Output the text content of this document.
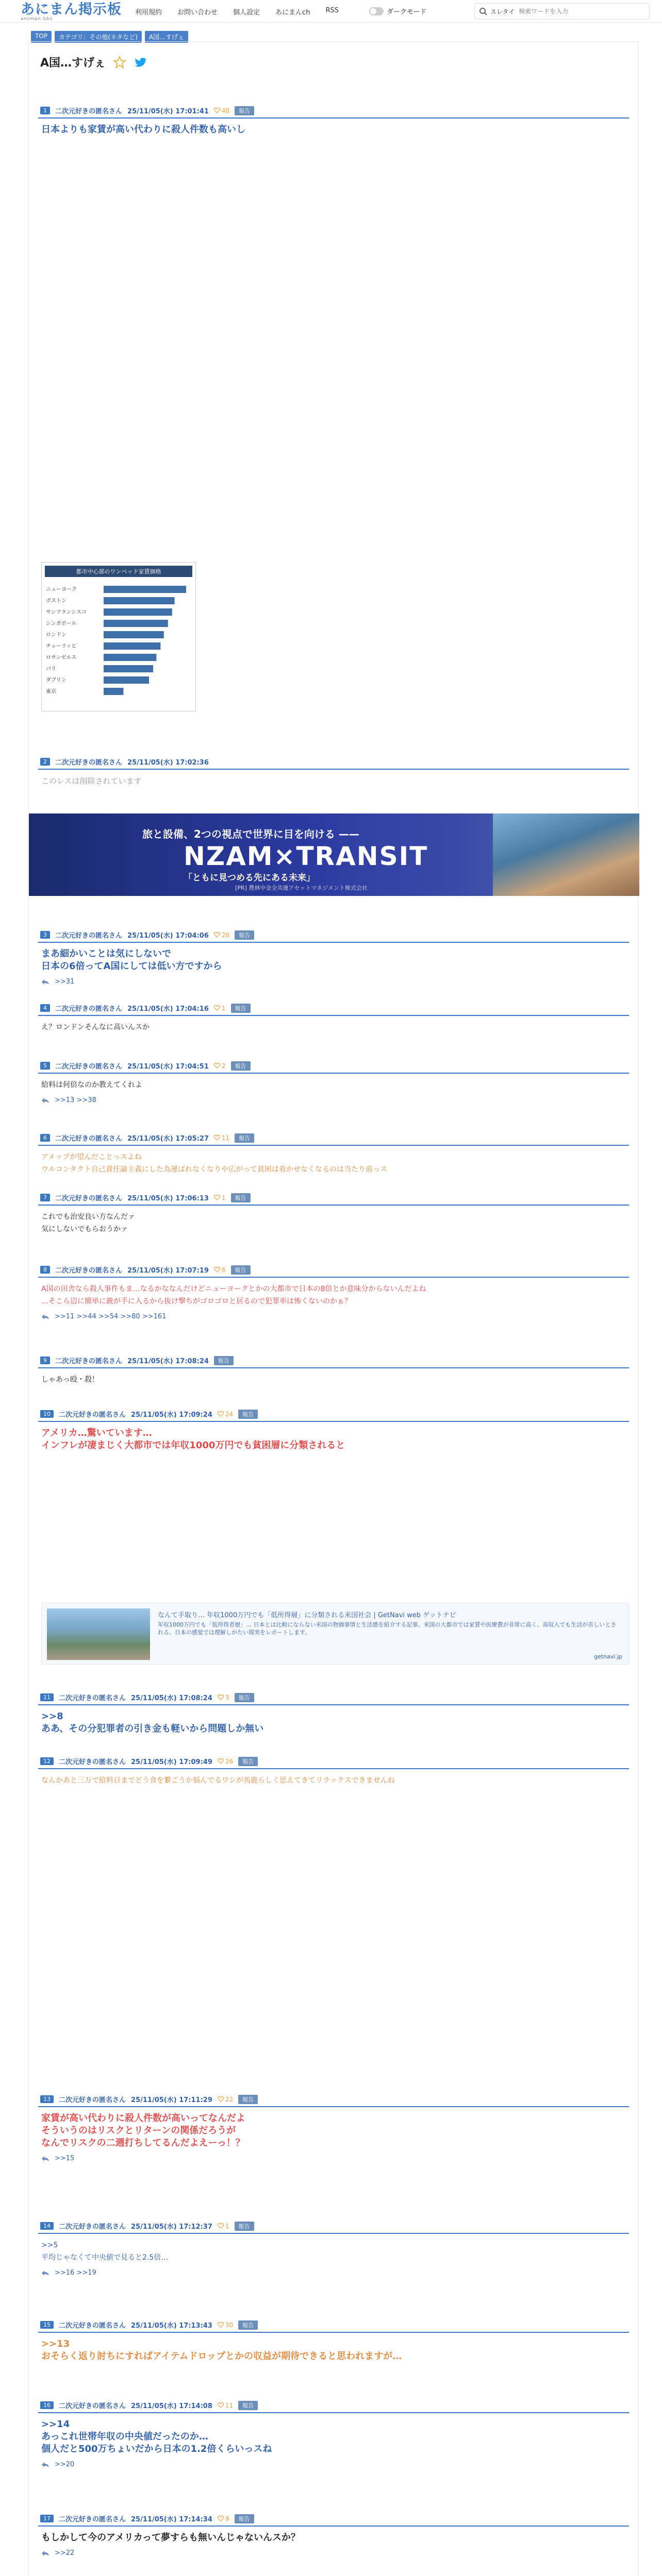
あにまん掲示板
animan bbs
利用規約 お問い合わせ 個人設定 あにまんch RSS	ダークモード	スレタイ
検索ワードを入力
TOP	カテゴリ：その他(ネタなど)	A国…すげぇ
A国…すげぇ
都市中心部のワンベッド家賃価格
ニューヨーク
ボストン
サンフランシスコ
シンガポール
ロンドン
チューリッヒ
ロサンゼルス
パリ
ダブリン
東京
旅と設備、2つの視点で世界に目を向ける ——
NZAM×TRANSIT
「ともに見つめる先にある未来」
[PR] 農林中金全共連アセットマネジメント株式会社
なんて手取り… 年収1000万円でも「低所得層」に分類される米国社会 | GetNavi web ゲットナビ
年収1000万円でも「低所得者層」… 日本とは比較にならない米国の物価事情と生活感を紹介する記事。米国の大都市では家賃や医療費が非常に高く、高収入でも生活が苦しいとされる。日本の感覚では理解しがたい現実をレポートします。
getnavi.jp
1	二次元好きの匿名さん 25/11/05(水) 17:01:41 48	報告
日本よりも家賃が高い代わりに殺人件数も高いし
2	二次元好きの匿名さん 25/11/05(水) 17:02:36
このレスは削除されています
3	二次元好きの匿名さん 25/11/05(水) 17:04:06 26	報告
まあ細かいことは気にしないで
日本の6倍ってA国にしては低い方ですから
>>31
4	二次元好きの匿名さん 25/11/05(水) 17:04:16 1	報告
え？ロンドンそんなに高いんスか
5	二次元好きの匿名さん 25/11/05(水) 17:04:51 2	報告
給料は何倍なのか教えてくれよ
>>13 >>38
6	二次元好きの匿名さん 25/11/05(水) 17:05:27 11	報告
アメップが望んだことっスよね
ウルコンタクト自己責任論主義にした為運ばれなくなりや広がって貧困は着かせなくなるのは当たり前っス
7	二次元好きの匿名さん 25/11/05(水) 17:06:13 1	報告
これでも治安良い方なんだァ
気にしないでもらおうかァ
8	二次元好きの匿名さん 25/11/05(水) 17:07:19 6	報告
A国の田舎なら殺人事件もま…なるかななんだけどニューヨークとかの大都市で日本の8倍とか意味分からないんだよね
…そこら辺に簡単に銃が手に入るから抜け撃ちがゴロゴロと居るので犯罪率は怖くないのかぁ？
>>11 >>44 >>54 >>80 >>161
9	二次元好きの匿名さん 25/11/05(水) 17:08:24	報告
しゃあっ殴・殺！
10	二次元好きの匿名さん 25/11/05(水) 17:09:24 24	報告
アメリカ…驚いています…
インフレが凄まじく大都市では年収1000万円でも貧困層に分類されると
11	二次元好きの匿名さん 25/11/05(水) 17:08:24 3	報告
>>8
ああ、その分犯罪者の引き金も軽いから問題しか無い
12	二次元好きの匿名さん 25/11/05(水) 17:09:49 26	報告
なんかあと三万で給料日までどう食を繋ごうか悩んでるワシが馬鹿らしく思えてきてリラックスできませんね
13	二次元好きの匿名さん 25/11/05(水) 17:11:29 22	報告
家賃が高い代わりに殺人件数が高いってなんだよ
そういうのはリスクとリターンの関係だろうが
なんでリスクの二週打ちしてるんだよえーっ！？
>>15
14	二次元好きの匿名さん 25/11/05(水) 17:12:37 1	報告
>>5
平均じゃなくて中央値で見ると2.5倍…
>>16 >>19
15	二次元好きの匿名さん 25/11/05(水) 17:13:43 30	報告
>>13
おそらく返り討ちにすればアイテムドロップとかの収益が期待できると思われますが…
16	二次元好きの匿名さん 25/11/05(水) 17:14:08 11	報告
>>14
あっこれ世帯年収の中央値だったのか…
個人だと500万ちょいだから日本の1.2倍くらいっスね
>>20
17	二次元好きの匿名さん 25/11/05(水) 17:14:34 9	報告
もしかして今のアメリカって夢すらも無いんじゃないんスか？
>>22
